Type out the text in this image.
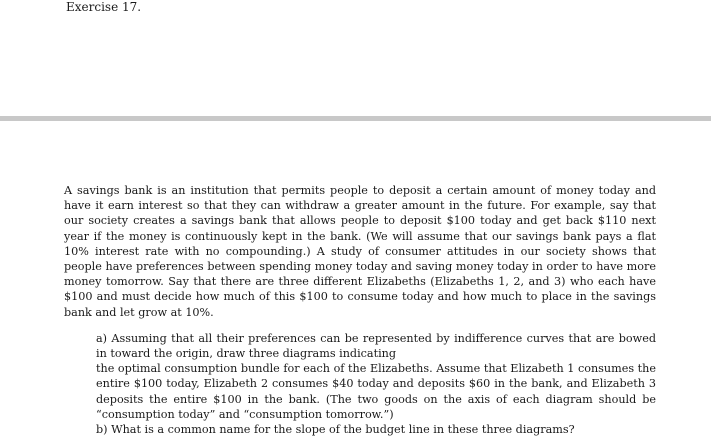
Exercise 17.

A savings bank is an institution that permits people to deposit a certain amount of money today and have it earn interest so that they can withdraw a greater amount in the future. For example, say that our society creates a savings bank that allows people to deposit $100 today and get back $110 next year if the money is continuously kept in the bank. (We will assume that our savings bank pays a flat 10% interest rate with no compounding.) A study of consumer attitudes in our society shows that people have preferences between spending money today and saving money today in order to have more money tomorrow. Say that there are three different Elizabeths (Elizabeths 1, 2, and 3) who each have $100 and must decide how much of this $100 to consume today and how much to place in the savings bank and let grow at 10%.

a) Assuming that all their preferences can be represented by indifference curves that are bowed in toward the origin, draw three diagrams indicating
the optimal consumption bundle for each of the Elizabeths. Assume that Elizabeth 1 consumes the entire $100 today, Elizabeth 2 consumes $40 today and deposits $60 in the bank, and Elizabeth 3 deposits the entire $100 in the bank. (The two goods on the axis of each diagram should be “consumption today” and “consumption tomorrow.”)
b) What is a common name for the slope of the budget line in these three diagrams?
